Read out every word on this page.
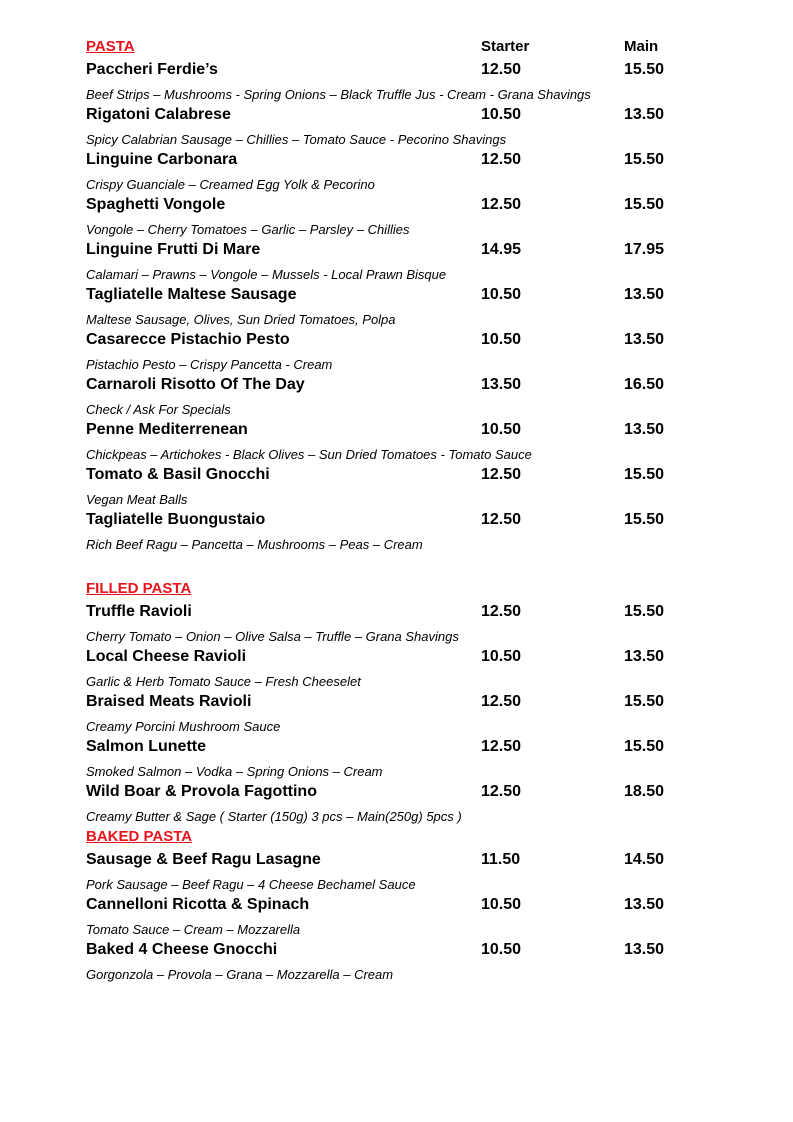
PASTA	Starter	Main
Paccheri Ferdie’s	12.50	15.50
Beef Strips – Mushrooms - Spring Onions – Black Truffle Jus - Cream - Grana Shavings
Rigatoni Calabrese	10.50	13.50
Spicy Calabrian Sausage – Chillies – Tomato Sauce - Pecorino Shavings
Linguine Carbonara	12.50	15.50
Crispy Guanciale – Creamed Egg Yolk & Pecorino
Spaghetti Vongole	12.50	15.50
Vongole – Cherry Tomatoes – Garlic – Parsley – Chillies
Linguine Frutti Di Mare	14.95	17.95
Calamari – Prawns – Vongole – Mussels - Local Prawn Bisque
Tagliatelle Maltese Sausage	10.50	13.50
Maltese Sausage, Olives, Sun Dried Tomatoes, Polpa
Casarecce Pistachio Pesto	10.50	13.50
Pistachio Pesto – Crispy Pancetta - Cream
Carnaroli Risotto Of The Day	13.50	16.50
Check / Ask For Specials
Penne Mediterrenean	10.50	13.50
Chickpeas – Artichokes - Black Olives – Sun Dried Tomatoes - Tomato Sauce
Tomato & Basil Gnocchi	12.50	15.50
Vegan Meat Balls
Tagliatelle Buongustaio	12.50	15.50
Rich Beef Ragu – Pancetta – Mushrooms – Peas – Cream
FILLED PASTA
Truffle Ravioli	12.50	15.50
Cherry Tomato – Onion – Olive Salsa – Truffle – Grana Shavings
Local Cheese Ravioli	10.50	13.50
Garlic & Herb Tomato Sauce – Fresh Cheeselet
Braised Meats Ravioli	12.50	15.50
Creamy Porcini Mushroom Sauce
Salmon Lunette	12.50	15.50
Smoked Salmon – Vodka – Spring Onions – Cream
Wild Boar & Provola Fagottino	12.50	18.50
Creamy Butter & Sage ( Starter (150g) 3 pcs – Main(250g) 5pcs )
BAKED PASTA
Sausage & Beef Ragu Lasagne	11.50	14.50
Pork Sausage – Beef Ragu – 4 Cheese Bechamel Sauce
Cannelloni Ricotta & Spinach	10.50	13.50
Tomato Sauce – Cream – Mozzarella
Baked 4 Cheese Gnocchi	10.50	13.50
Gorgonzola – Provola – Grana – Mozzarella – Cream
